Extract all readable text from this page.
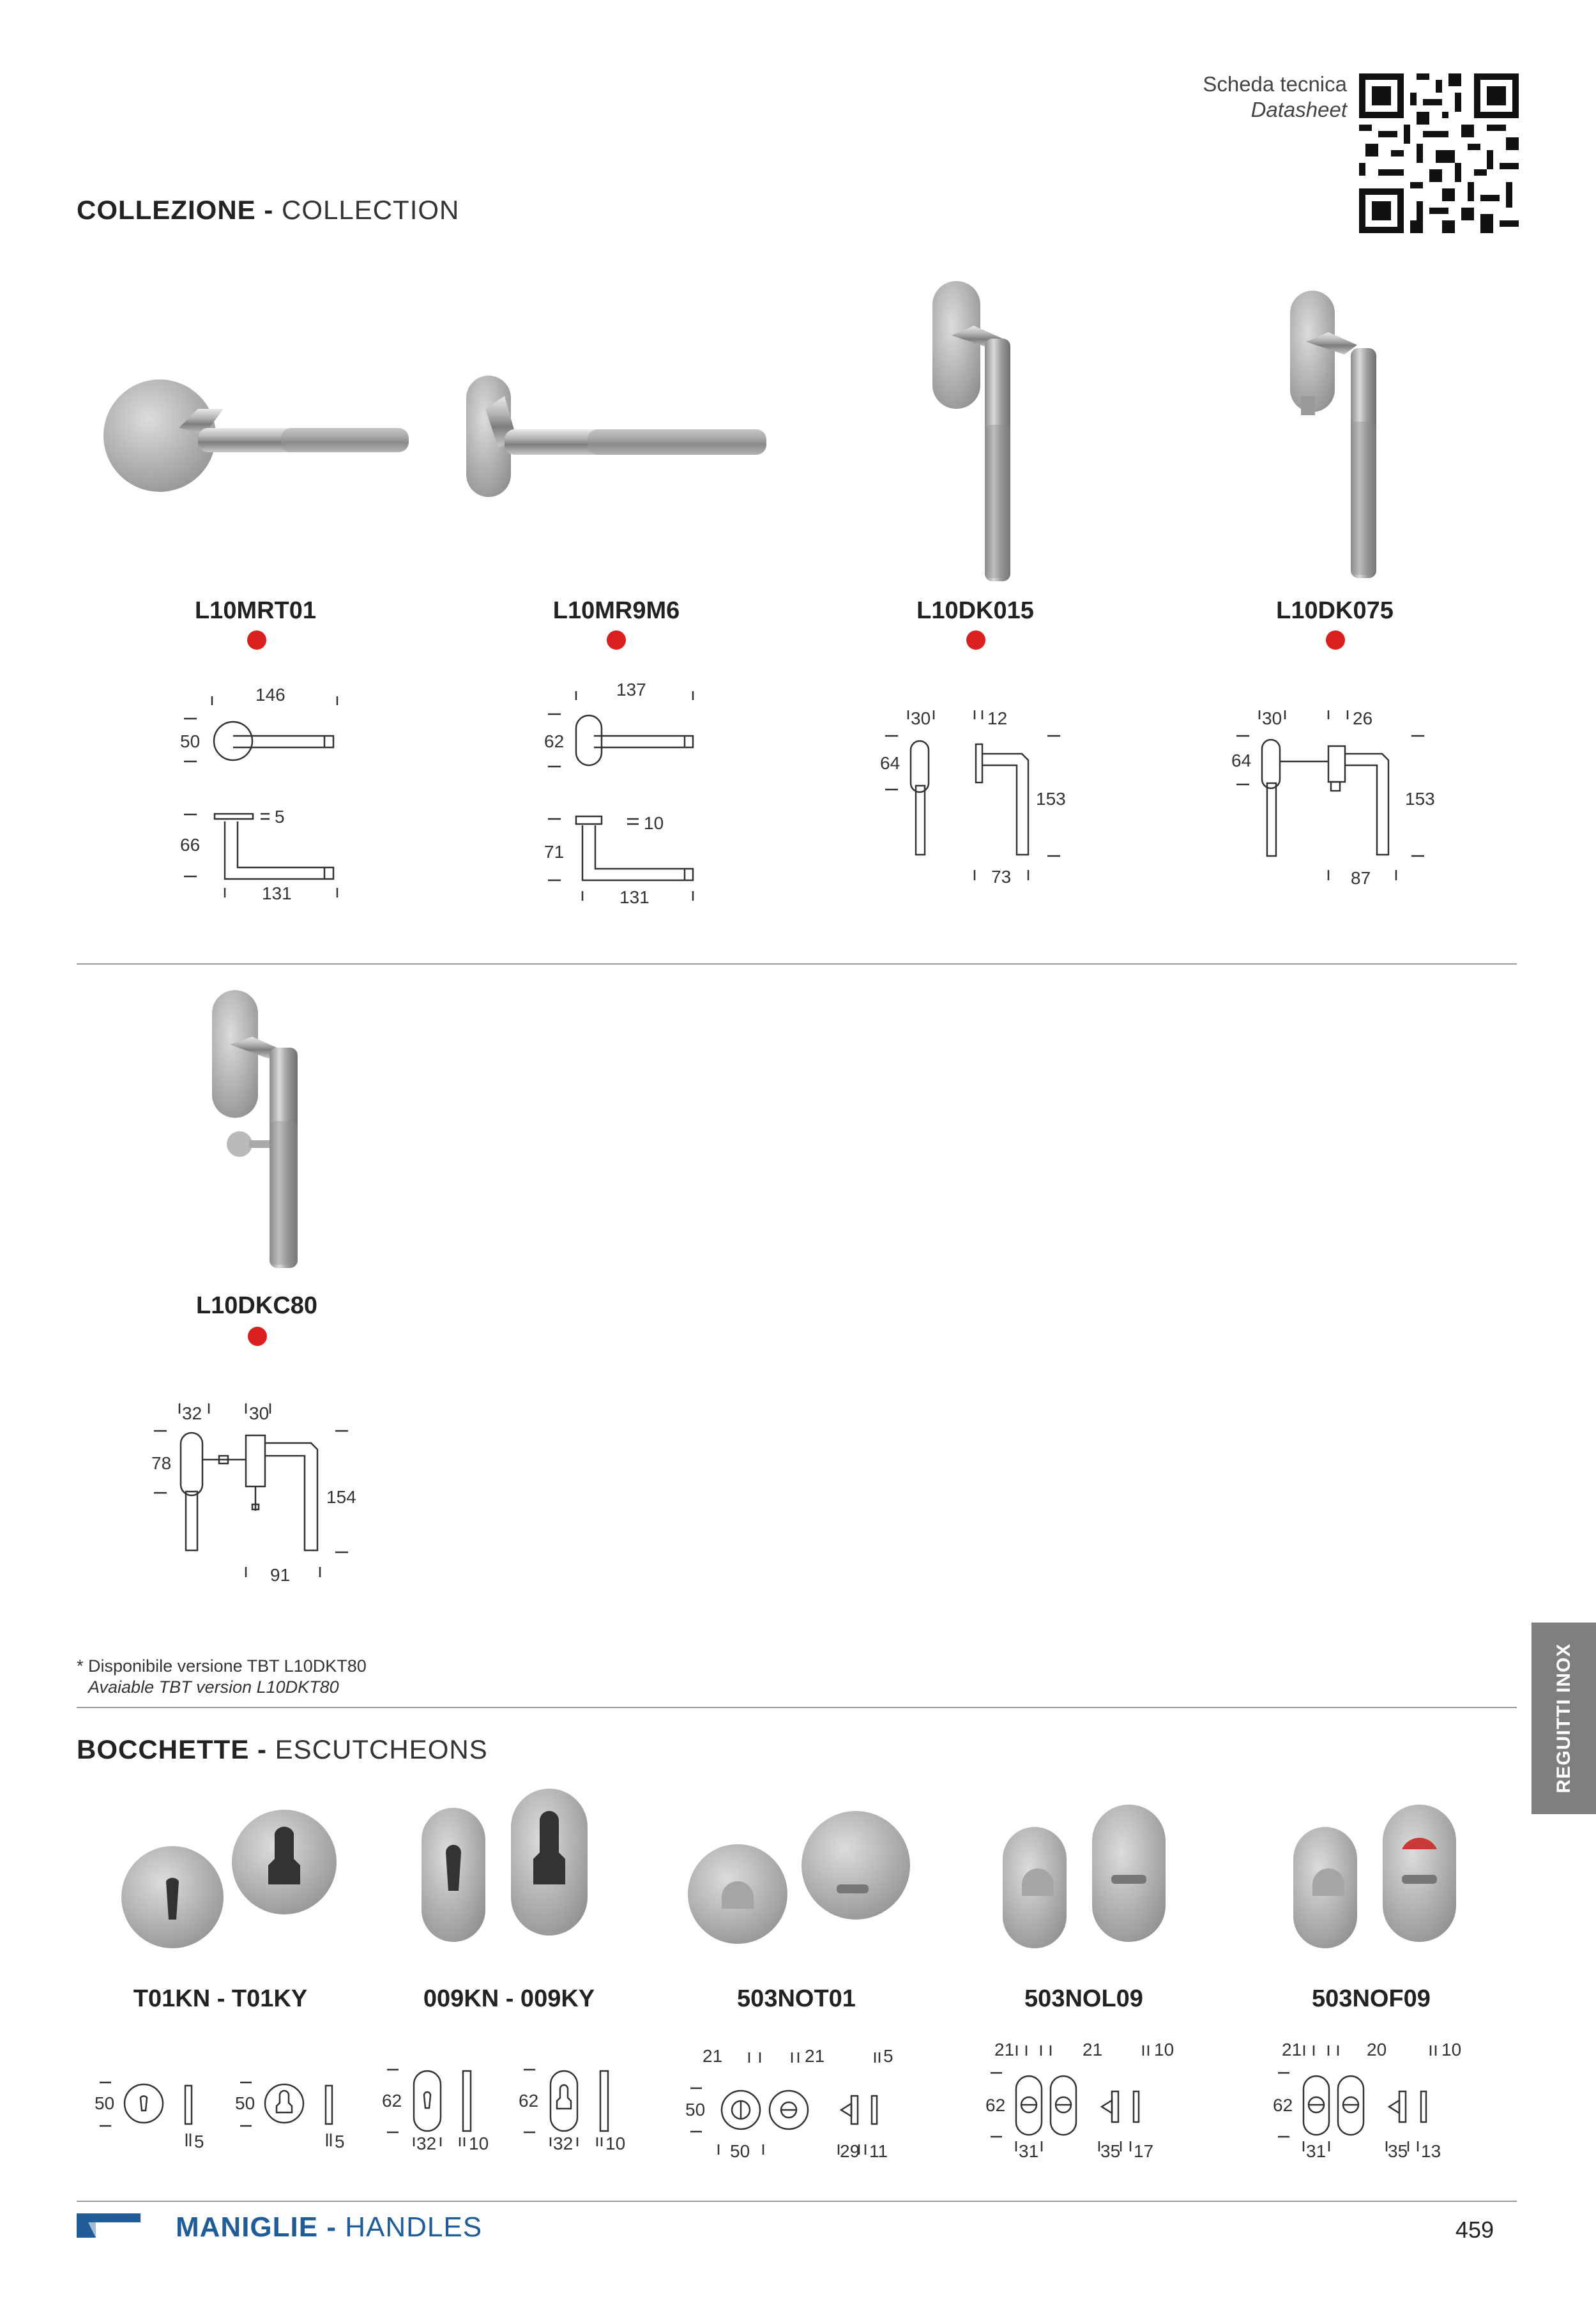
Scheda tecnica
Datasheet
COLLEZIONE - COLLECTION
L10MRT01	L10MR9M6	L10DK015	L10DK075
146
50
5
66
131
137
62
10
71
131
30	12
64
153
73
30	26
64
153
87
L10DKC80
32	30
78
154
91
* Disponibile versione TBT L10DKT80
Avaiable TBT version L10DKT80	REGUITTI INOX
BOCCHETTE - ESCUTCHEONS
T01KN - T01KY	009KN - 009KY	503NOT01	503NOL09	503NOF09
50
5
50
5
62
32 10
62
32 10
21	21	5
50
50	29 11
21	21	10
62
31	35 17
21	20	10
62
31	35 13
MANIGLIE - HANDLES	459
